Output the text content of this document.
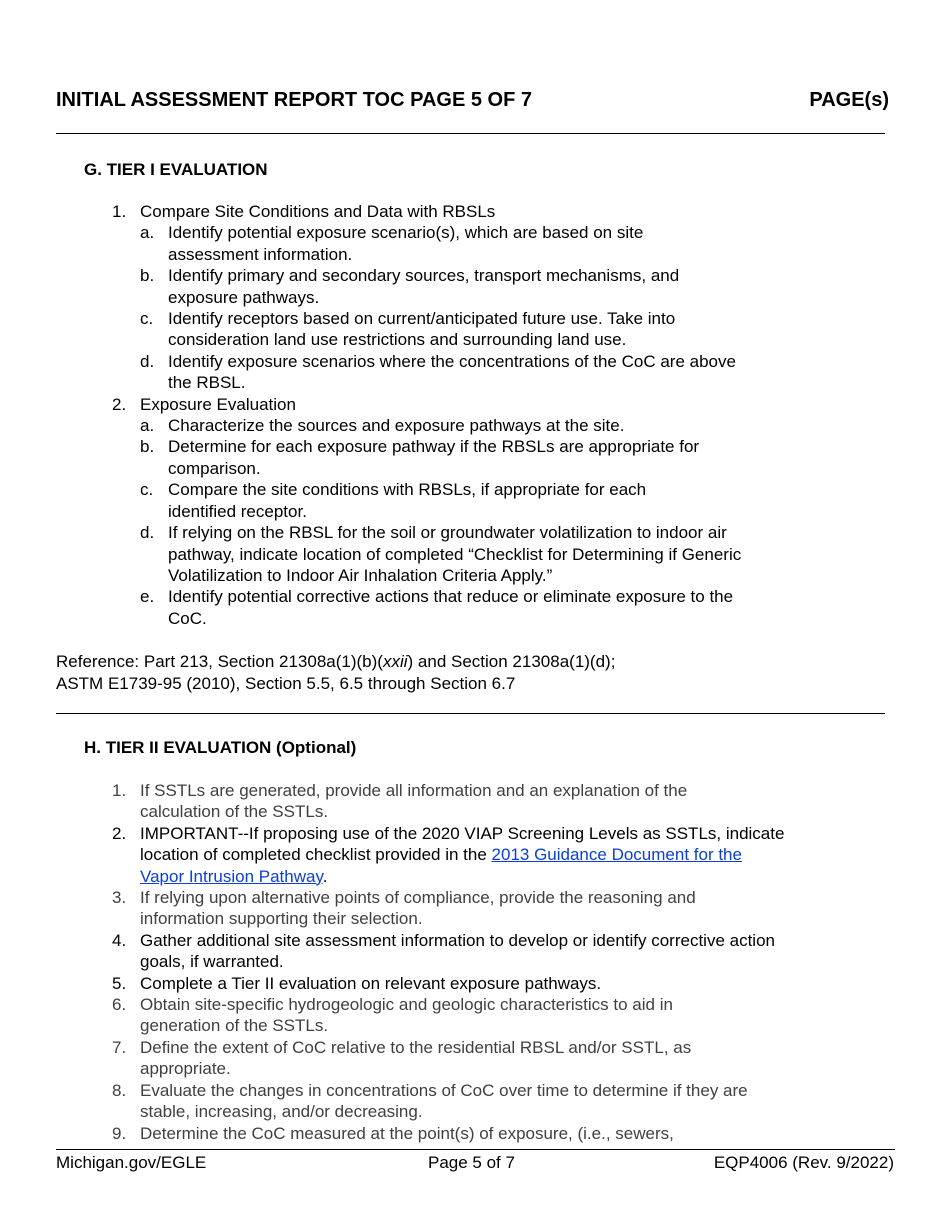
INITIAL ASSESSMENT REPORT TOC PAGE 5 OF 7	PAGE(s)
G. TIER I EVALUATION
1. Compare Site Conditions and Data with RBSLs
a. Identify potential exposure scenario(s), which are based on site assessment information.
b. Identify primary and secondary sources, transport mechanisms, and exposure pathways.
c. Identify receptors based on current/anticipated future use. Take into consideration land use restrictions and surrounding land use.
d. Identify exposure scenarios where the concentrations of the CoC are above the RBSL.
2. Exposure Evaluation
a. Characterize the sources and exposure pathways at the site.
b. Determine for each exposure pathway if the RBSLs are appropriate for comparison.
c. Compare the site conditions with RBSLs, if appropriate for each identified receptor.
d. If relying on the RBSL for the soil or groundwater volatilization to indoor air pathway, indicate location of completed “Checklist for Determining if Generic Volatilization to Indoor Air Inhalation Criteria Apply.”
e. Identify potential corrective actions that reduce or eliminate exposure to the CoC.
Reference: Part 213, Section 21308a(1)(b)(xxii) and Section 21308a(1)(d);
ASTM E1739-95 (2010), Section 5.5, 6.5 through Section 6.7
H. TIER II EVALUATION (Optional)
1. If SSTLs are generated, provide all information and an explanation of the calculation of the SSTLs.
2. IMPORTANT--If proposing use of the 2020 VIAP Screening Levels as SSTLs, indicate location of completed checklist provided in the 2013 Guidance Document for the Vapor Intrusion Pathway.
3. If relying upon alternative points of compliance, provide the reasoning and information supporting their selection.
4. Gather additional site assessment information to develop or identify corrective action goals, if warranted.
5. Complete a Tier II evaluation on relevant exposure pathways.
6. Obtain site-specific hydrogeologic and geologic characteristics to aid in generation of the SSTLs.
7. Define the extent of CoC relative to the residential RBSL and/or SSTL, as appropriate.
8. Evaluate the changes in concentrations of CoC over time to determine if they are stable, increasing, and/or decreasing.
9. Determine the CoC measured at the point(s) of exposure, (i.e., sewers,
Michigan.gov/EGLE	Page 5 of 7	EQP4006 (Rev. 9/2022)
